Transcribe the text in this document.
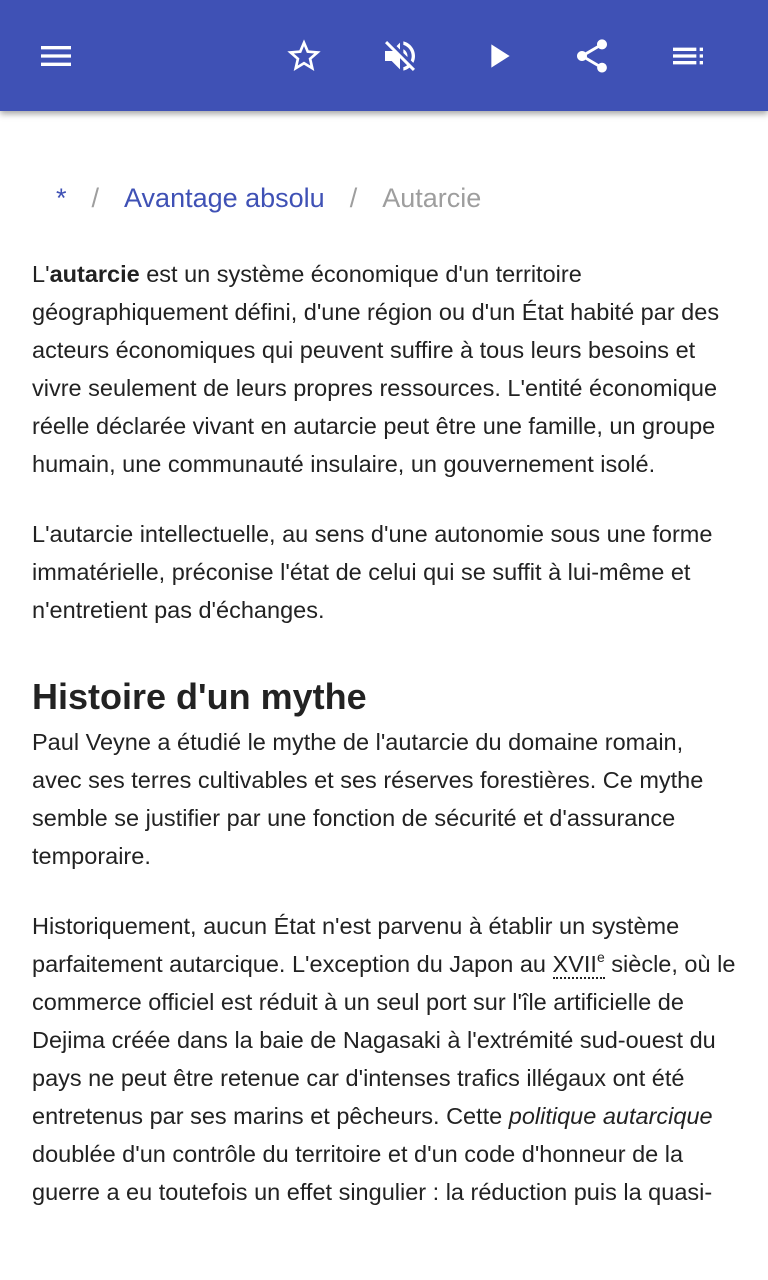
* / Avantage absolu / Autarcie

L'autarcie est un système économique d'un territoire géographiquement défini, d'une région ou d'un État habité par des acteurs économiques qui peuvent suffire à tous leurs besoins et vivre seulement de leurs propres ressources. L'entité économique réelle déclarée vivant en autarcie peut être une famille, un groupe humain, une communauté insulaire, un gouvernement isolé.

L'autarcie intellectuelle, au sens d'une autonomie sous une forme immatérielle, préconise l'état de celui qui se suffit à lui-même et n'entretient pas d'échanges.

Histoire d'un mythe

Paul Veyne a étudié le mythe de l'autarcie du domaine romain, avec ses terres cultivables et ses réserves forestières. Ce mythe semble se justifier par une fonction de sécurité et d'assurance temporaire.

Historiquement, aucun État n'est parvenu à établir un système parfaitement autarcique. L'exception du Japon au XVIIe siècle, où le commerce officiel est réduit à un seul port sur l'île artificielle de Dejima créée dans la baie de Nagasaki à l'extrémité sud-ouest du pays ne peut être retenue car d'intenses trafics illégaux ont été entretenus par ses marins et pêcheurs. Cette politique autarcique doublée d'un contrôle du territoire et d'un code d'honneur de la guerre a eu toutefois un effet singulier : la réduction puis la quasi-
